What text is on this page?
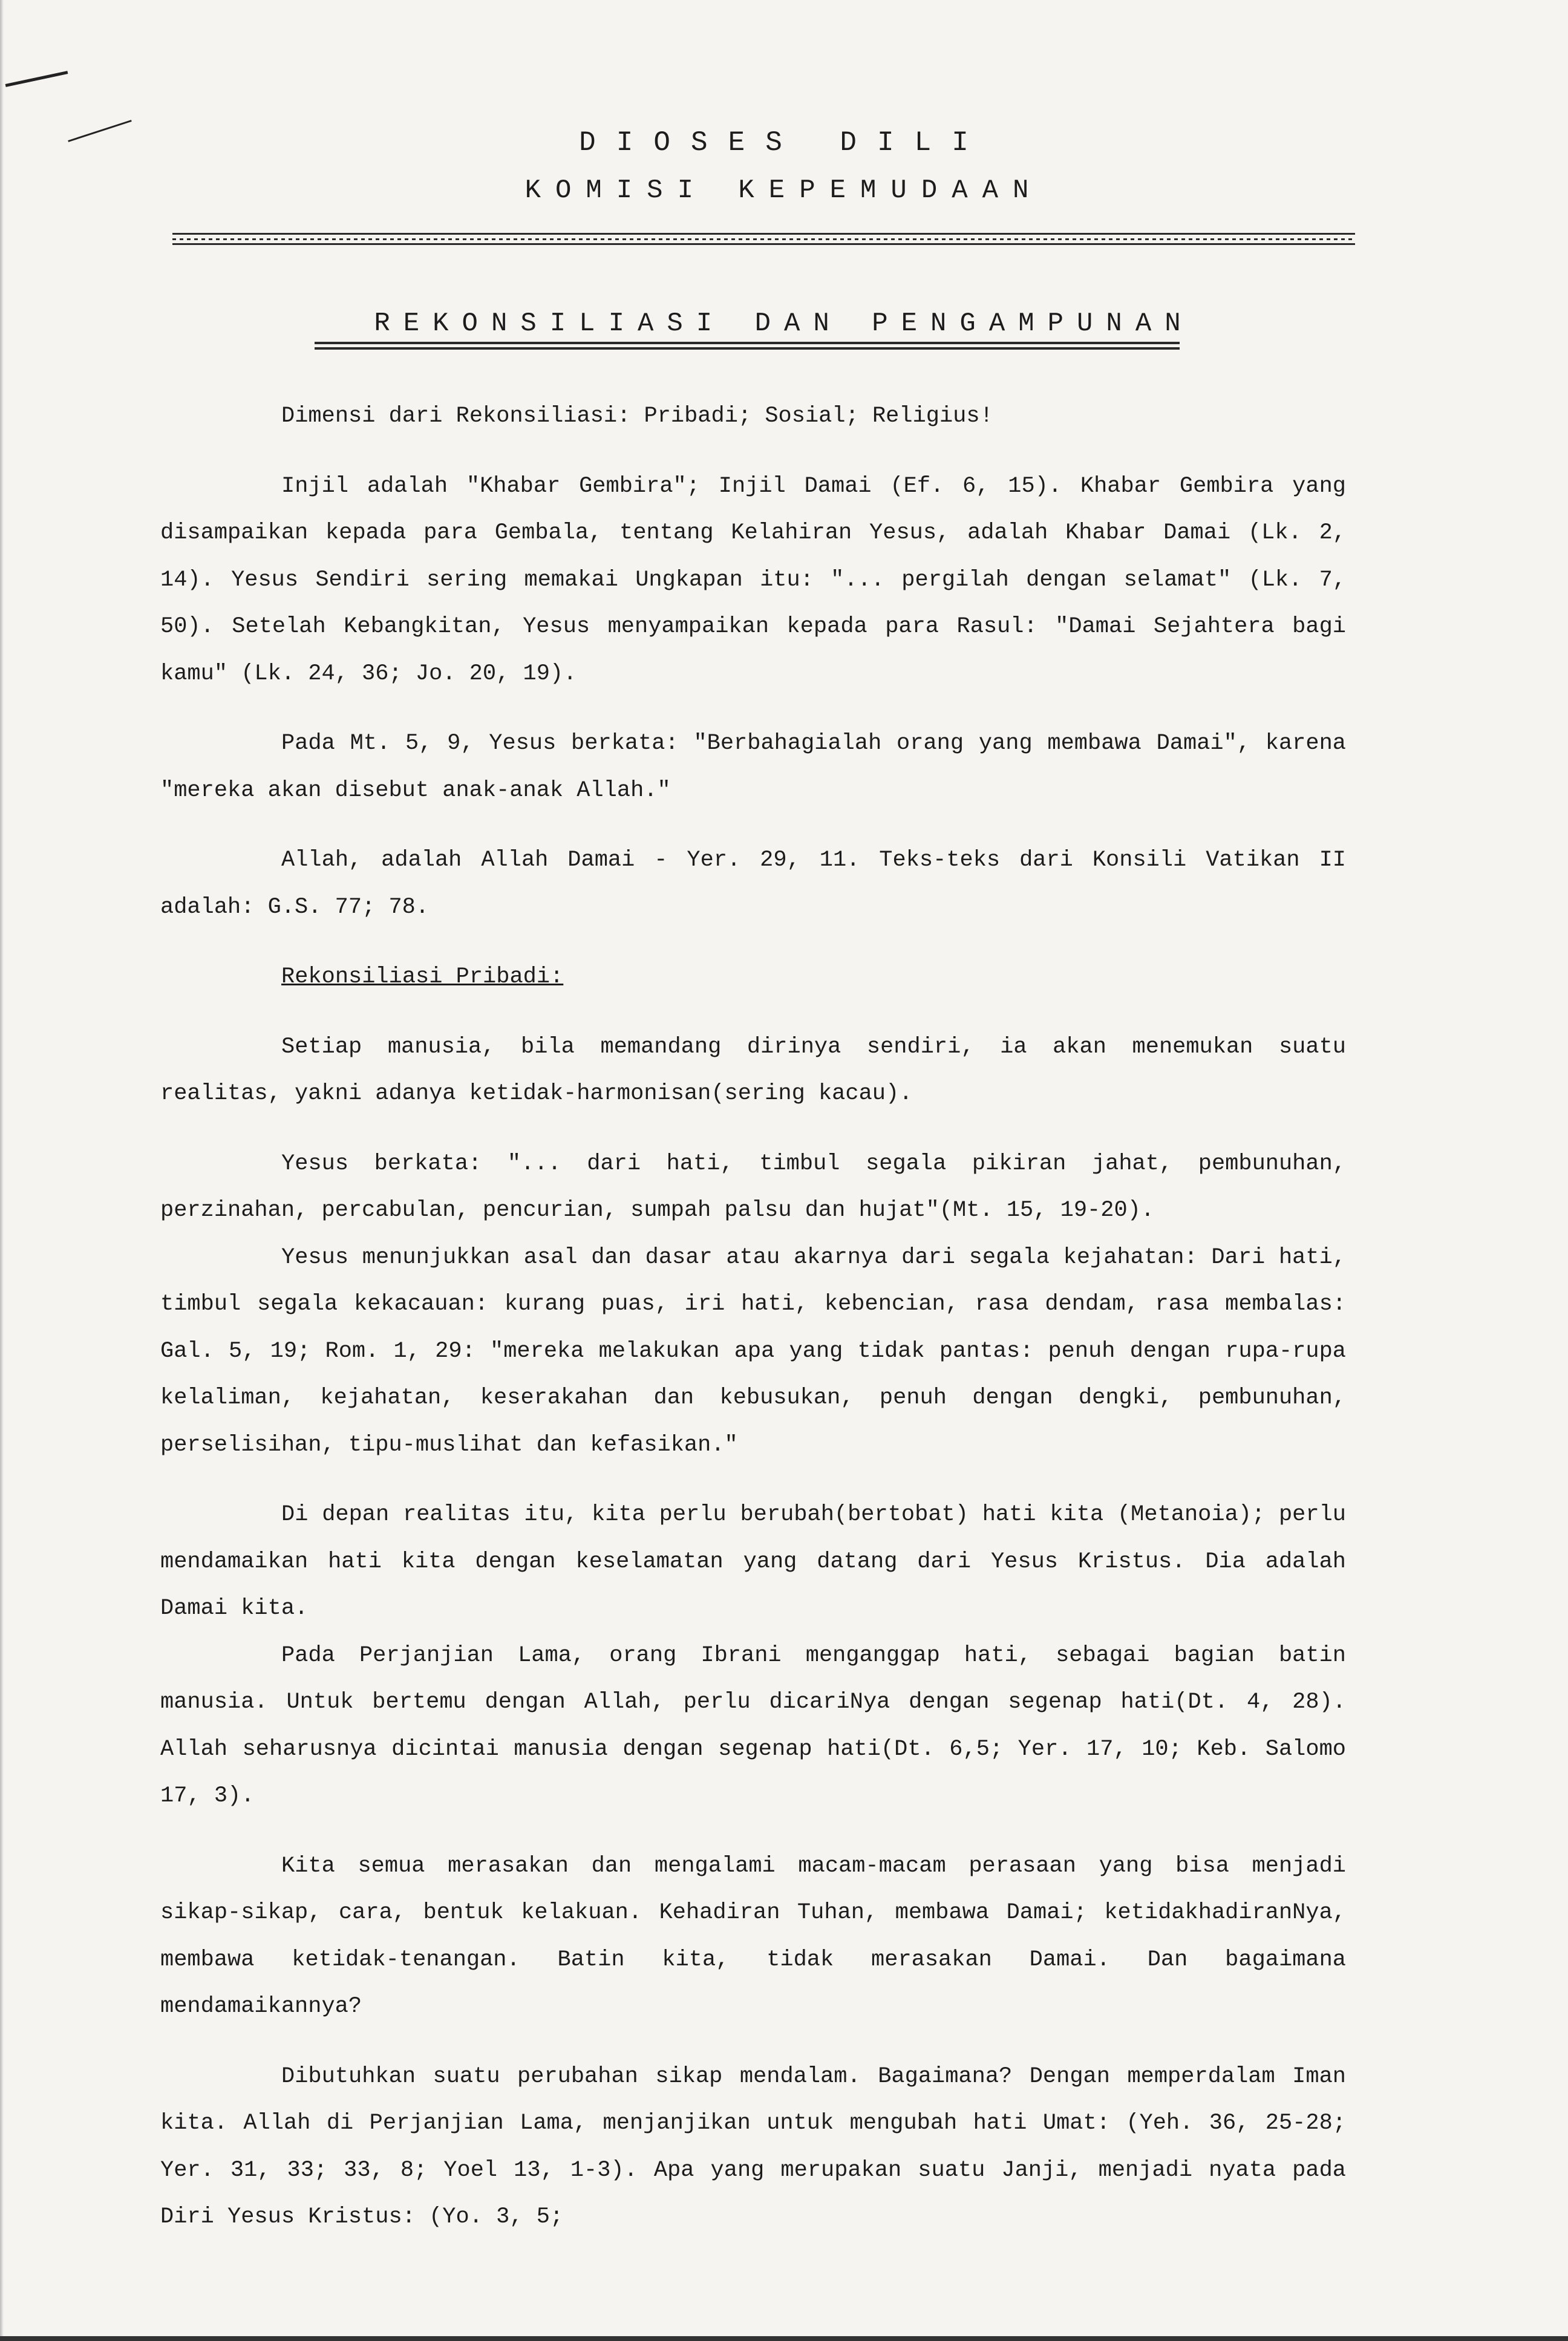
DIOSES DILI
KOMISI KEPEMUDAAN
REKONSILIASI DAN PENGAMPUNAN

Dimensi dari Rekonsiliasi: Pribadi; Sosial; Religius!

Injil adalah "Khabar Gembira"; Injil Damai (Ef. 6, 15). Khabar Gembira yang disampaikan kepada para Gembala, tentang Kelahiran Yesus, adalah Khabar Damai (Lk. 2, 14). Yesus Sendiri sering memakai Ungkapan itu: "... pergilah dengan selamat" (Lk. 7, 50). Setelah Kebangkitan, Yesus menyampaikan kepada para Rasul: "Damai Sejahtera bagi kamu" (Lk. 24, 36; Jo. 20, 19).

Pada Mt. 5, 9, Yesus berkata: "Berbahagialah orang yang membawa Damai", karena "mereka akan disebut anak-anak Allah."

Allah, adalah Allah Damai - Yer. 29, 11. Teks-teks dari Konsili Vatikan II adalah: G.S. 77; 78.

Rekonsiliasi Pribadi:

Setiap manusia, bila memandang dirinya sendiri, ia akan menemukan suatu realitas, yakni adanya ketidak-harmonisan(sering kacau).

Yesus berkata: "... dari hati, timbul segala pikiran jahat, pembunuhan, perzinahan, percabulan, pencurian, sumpah palsu dan hujat"(Mt. 15, 19-20).

Yesus menunjukkan asal dan dasar atau akarnya dari segala kejahatan: Dari hati, timbul segala kekacauan: kurang puas, iri hati, kebencian, rasa dendam, rasa membalas: Gal. 5, 19; Rom. 1, 29: "mereka melakukan apa yang tidak pantas: penuh dengan rupa-rupa kelaliman, kejahatan, keserakahan dan kebusukan, penuh dengan dengki, pembunuhan, perselisihan, tipu-muslihat dan kefasikan."

Di depan realitas itu, kita perlu berubah(bertobat) hati kita (Metanoia); perlu mendamaikan hati kita dengan keselamatan yang datang dari Yesus Kristus. Dia adalah Damai kita.

Pada Perjanjian Lama, orang Ibrani menganggap hati, sebagai bagian batin manusia. Untuk bertemu dengan Allah, perlu dicariNya dengan segenap hati(Dt. 4, 28). Allah seharusnya dicintai manusia dengan segenap hati(Dt. 6,5; Yer. 17, 10; Keb. Salomo 17, 3).

Kita semua merasakan dan mengalami macam-macam perasaan yang bisa menjadi sikap-sikap, cara, bentuk kelakuan. Kehadiran Tuhan, membawa Damai; ketidakhadiranNya, membawa ketidak-tenangan. Batin kita, tidak merasakan Damai. Dan bagaimana mendamaikannya?

Dibutuhkan suatu perubahan sikap mendalam. Bagaimana? Dengan memperdalam Iman kita. Allah di Perjanjian Lama, menjanjikan untuk mengubah hati Umat: (Yeh. 36, 25-28; Yer. 31, 33; 33, 8; Yoel 13, 1-3). Apa yang merupakan suatu Janji, menjadi nyata pada Diri Yesus Kristus: (Yo. 3, 5;
